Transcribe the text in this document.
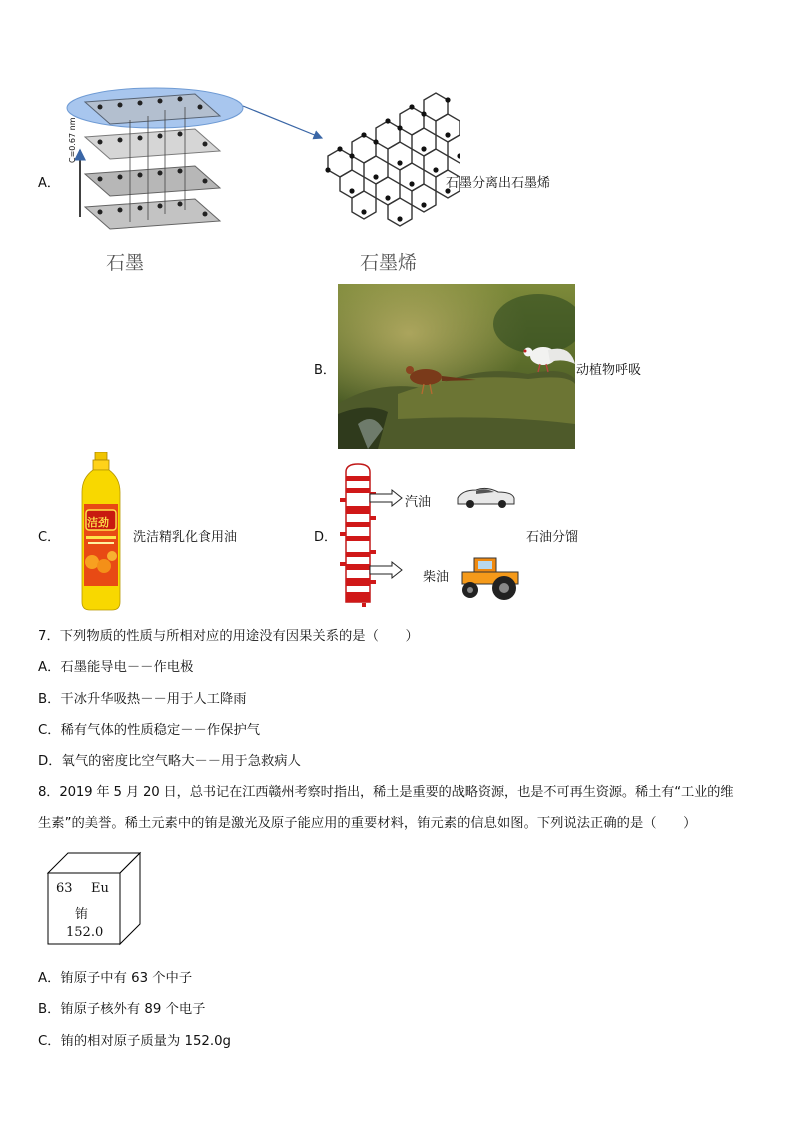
A．
C=0.67 nm
石墨	石墨烯
石墨分离出石墨烯
B．	动植物呼吸
C．
洁劲
洗洁精乳化食用油	D．
汽油
柴油
石油分馏
7．下列物质的性质与所相对应的用途没有因果关系的是（　　）
A．石墨能导电－－作电极
B．干冰升华吸热－－用于人工降雨
C．稀有气体的性质稳定－－作保护气
D．氧气的密度比空气略大－－用于急救病人
8．2019 年 5 月 20 日，总书记在江西赣州考察时指出，稀土是重要的战略资源，也是不可再生资源。稀土有“工业的维
生素”的美誉。稀土元素中的铕是激光及原子能应用的重要材料，铕元素的信息如图。下列说法正确的是（　　）
63 Eu
铕
152.0
A．铕原子中有 63 个中子
B．铕原子核外有 89 个电子
C．铕的相对原子质量为 152.0g
